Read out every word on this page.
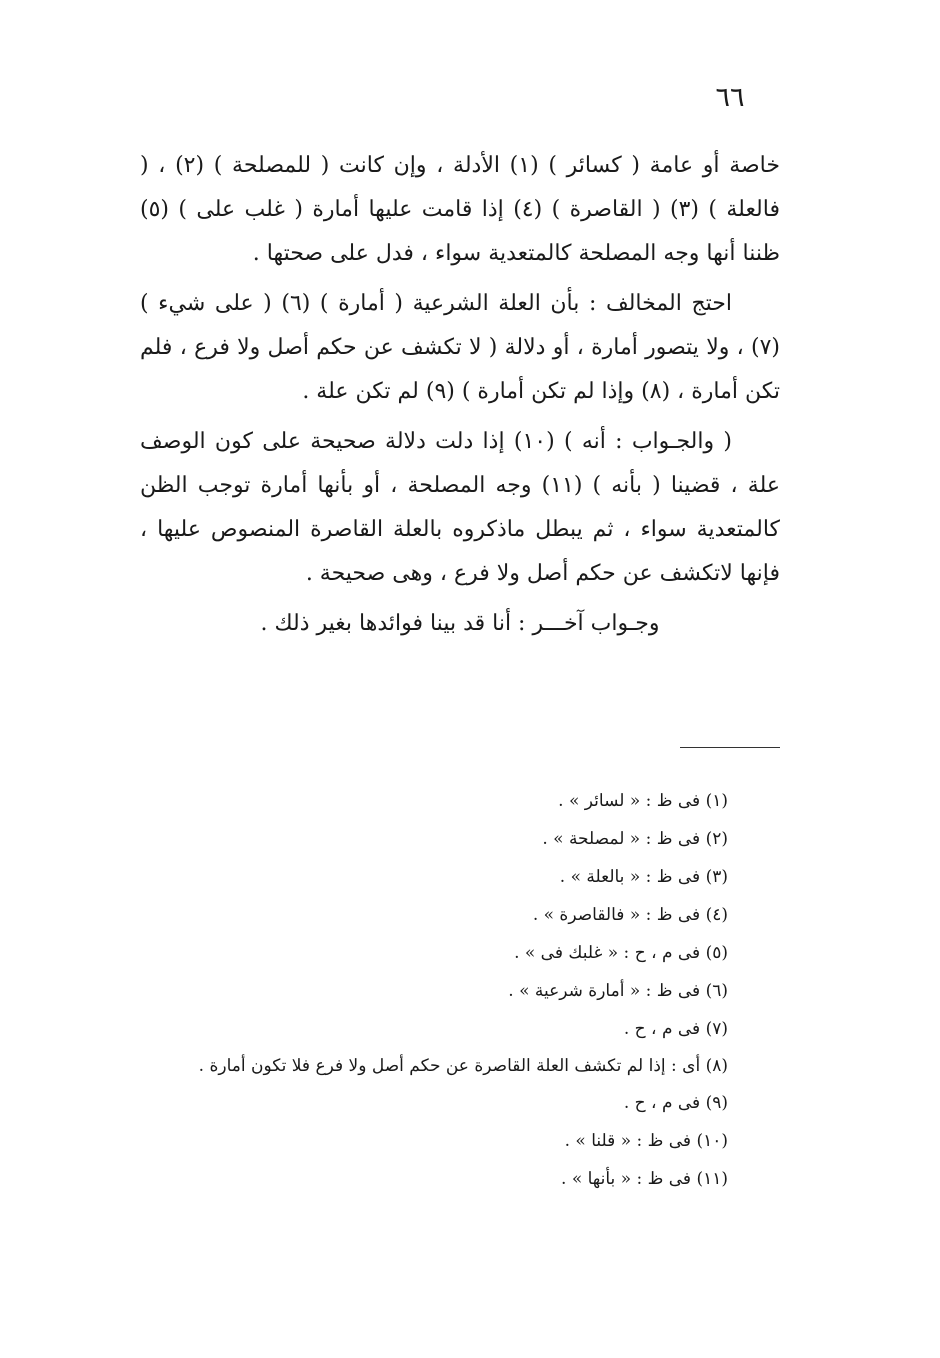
٦٦

خاصة أو عامة ( كسائر ) (١) الأدلة ، وإن كانت ( للمصلحة ) (٢) ، ( فالعلة ) (٣) ( القاصرة ) (٤) إذا قامت عليها أمارة ( غلب على ) (٥) ظننا أنها وجه المصلحة كالمتعدية سواء ، فدل على صحتها .

احتج المخالف : بأن العلة الشرعية ( أمارة ) (٦) ( على شيء ) (٧) ، ولا يتصور أمارة ، أو دلالة ( لا تكشف عن حكم أصل ولا فرع ، فلم تكن أمارة ، (٨) وإذا لم تكن أمارة ) (٩) لم تكن علة .

( والجـواب : أنه ) (١٠) إذا دلت دلالة صحيحة على كون الوصف علة ، قضينا ( بأنه ) (١١) وجه المصلحة ، أو بأنها أمارة توجب الظن كالمتعدية سواء ، ثم يبطل ماذكروه بالعلة القاصرة المنصوص عليها ، فإنها لاتكشف عن حكم أصل ولا فرع ، وهى صحيحة .

وجـواب آخـــر : أنا قد بينا فوائدها بغير ذلك .

(١) فى ظ : « لسائر » .

(٢) فى ظ : « لمصلحة » .

(٣) فى ظ : « بالعلة » .

(٤) فى ظ : « فالقاصرة » .

(٥) فى م ، ح : « غلبك فى » .

(٦) فى ظ : « أمارة شرعية » .

(٧) فى م ، ح .

(٨) أى : إذا لم تكشف العلة القاصرة عن حكم أصل ولا فرع فلا تكون أمارة .

(٩) فى م ، ح .

(١٠) فى ظ : « قلنا » .

(١١) فى ظ : « بأنها » .
